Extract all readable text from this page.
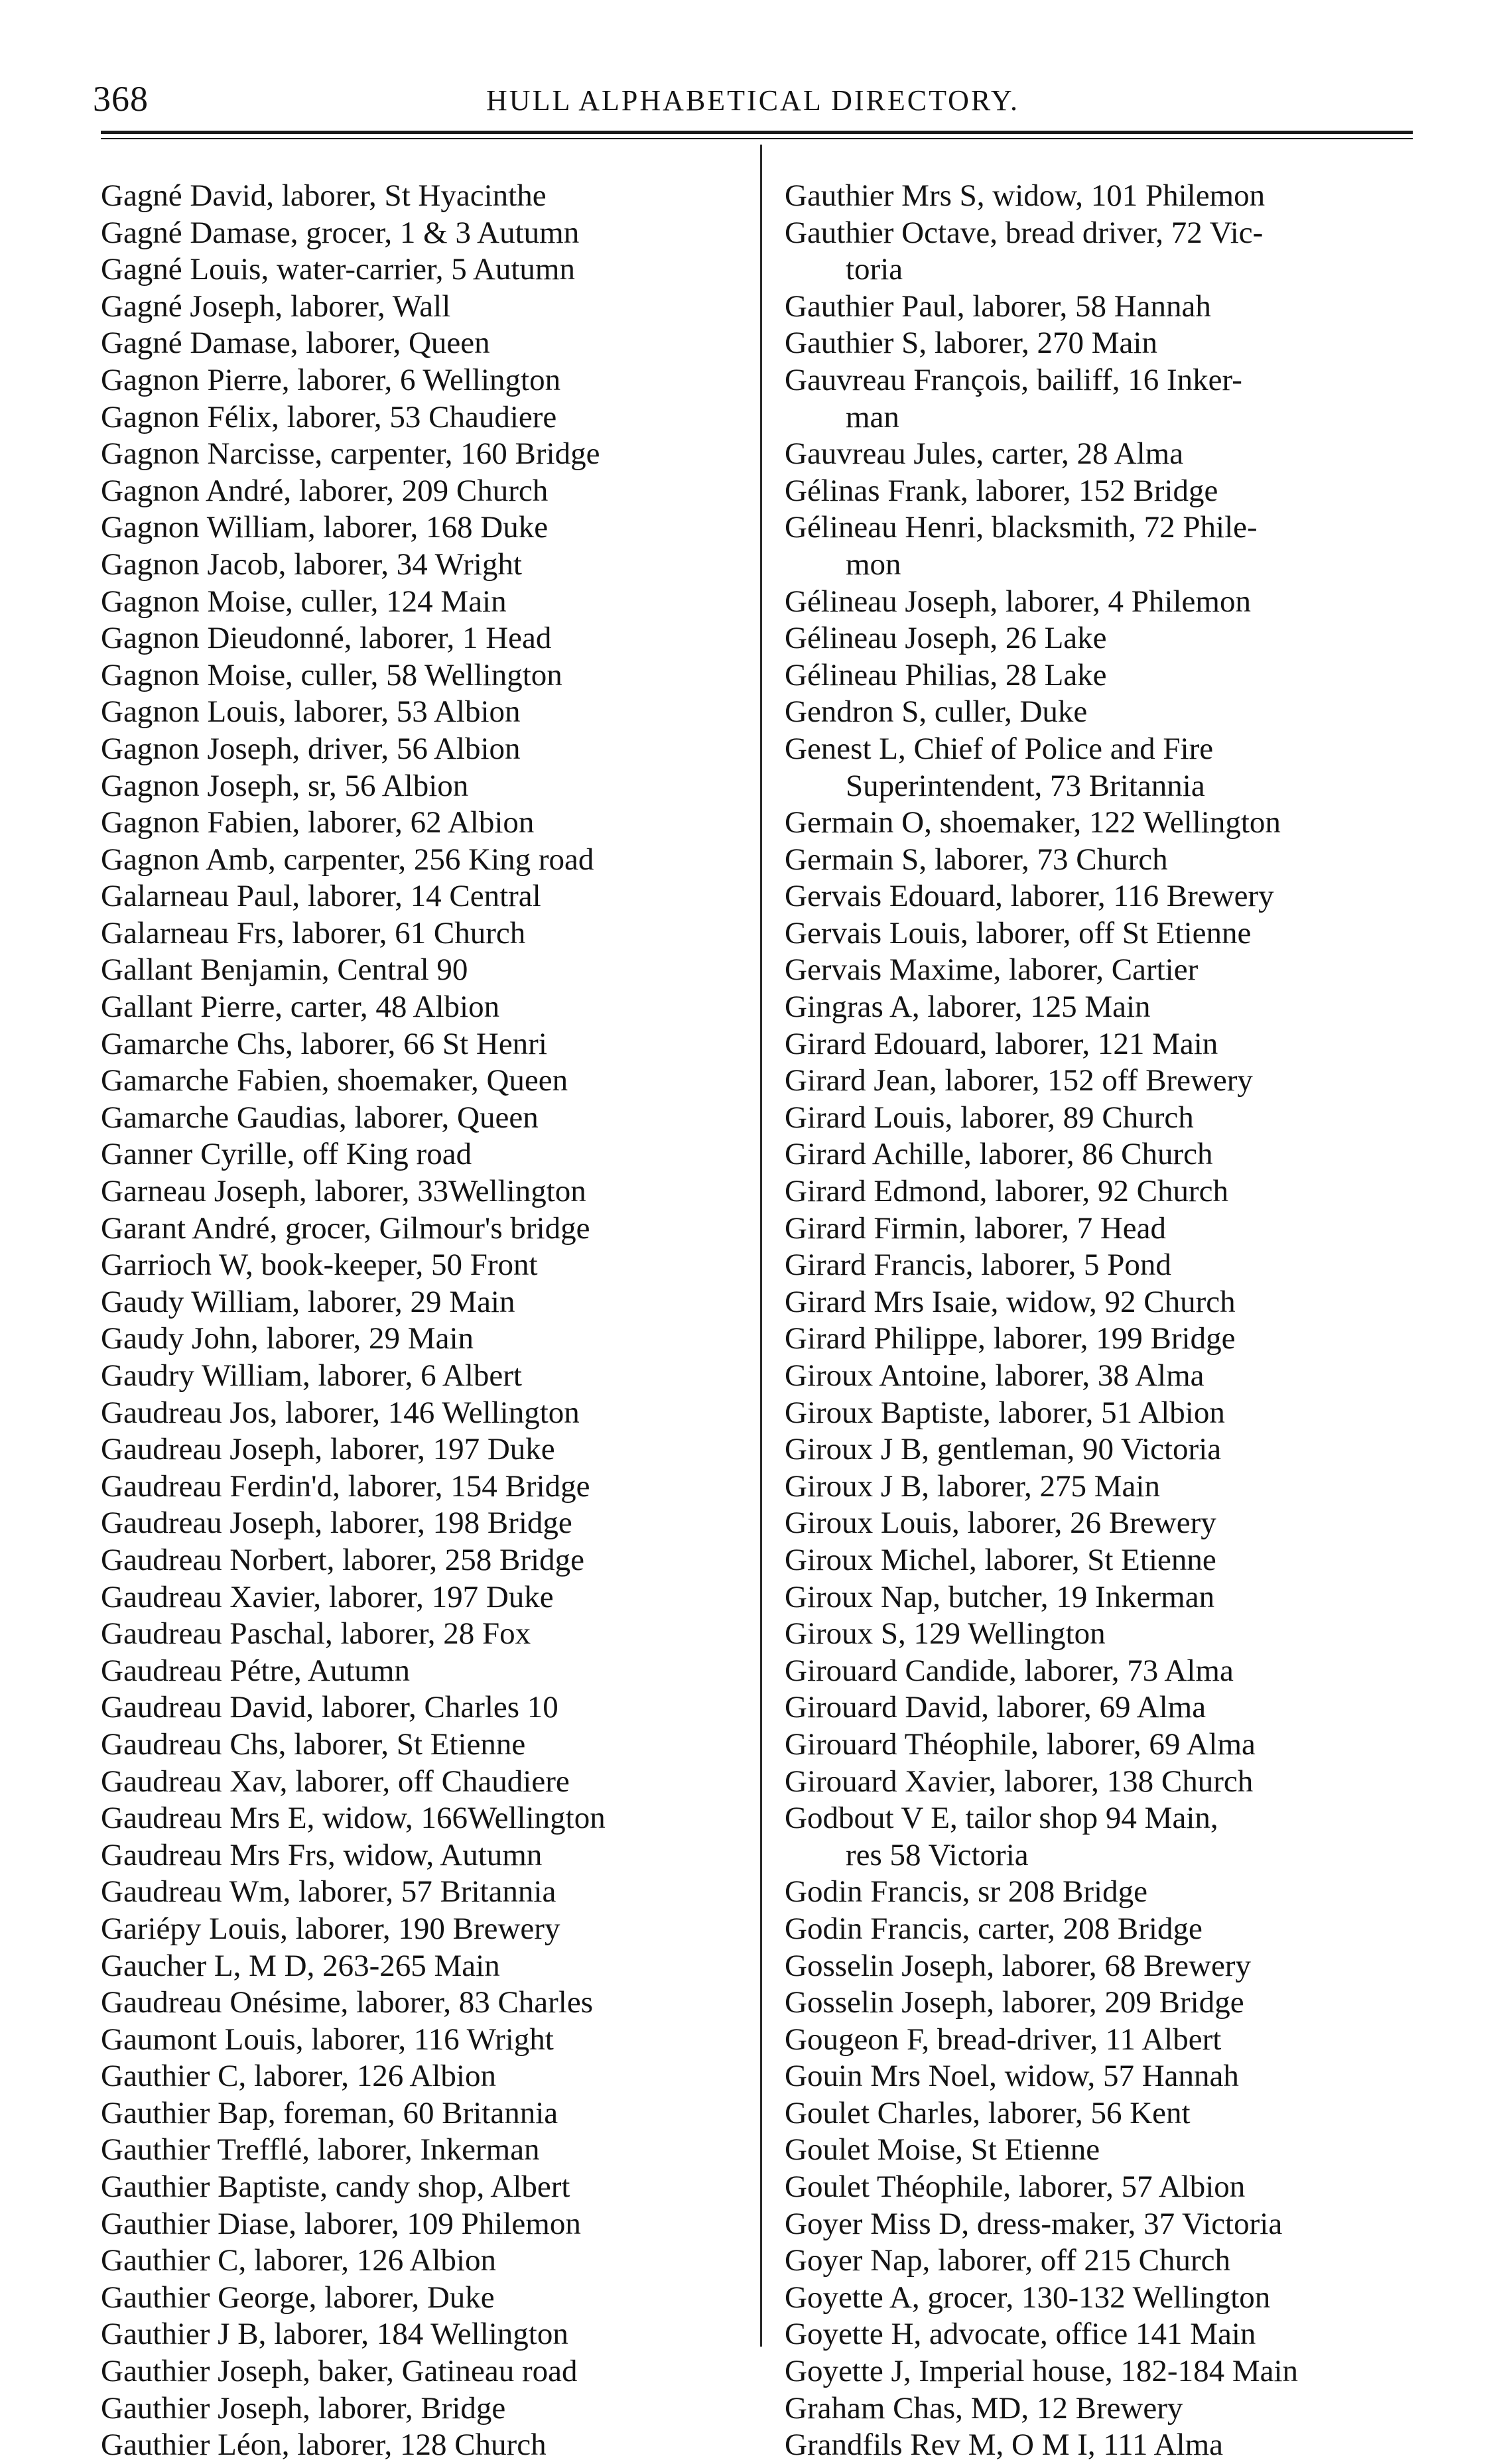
368	HULL ALPHABETICAL DIRECTORY.

Gagné David, laborer, St Hyacinthe

Gagné Damase, grocer, 1 & 3 Autumn

Gagné Louis, water-carrier, 5 Autumn

Gagné Joseph, laborer, Wall

Gagné Damase, laborer, Queen

Gagnon Pierre, laborer, 6 Wellington

Gagnon Félix, laborer, 53 Chaudiere

Gagnon Narcisse, carpenter, 160 Bridge

Gagnon André, laborer, 209 Church

Gagnon William, laborer, 168 Duke

Gagnon Jacob, laborer, 34 Wright

Gagnon Moise, culler, 124 Main

Gagnon Dieudonné, laborer, 1 Head

Gagnon Moise, culler, 58 Wellington

Gagnon Louis, laborer, 53 Albion

Gagnon Joseph, driver, 56 Albion

Gagnon Joseph, sr, 56 Albion

Gagnon Fabien, laborer, 62 Albion

Gagnon Amb, carpenter, 256 King road

Galarneau Paul, laborer, 14 Central

Galarneau Frs, laborer, 61 Church

Gallant Benjamin, Central 90

Gallant Pierre, carter, 48 Albion

Gamarche Chs, laborer, 66 St Henri

Gamarche Fabien, shoemaker, Queen

Gamarche Gaudias, laborer, Queen

Ganner Cyrille, off King road

Garneau Joseph, laborer, 33Wellington

Garant André, grocer, Gilmour's bridge

Garrioch W, book-keeper, 50 Front

Gaudy William, laborer, 29 Main

Gaudy John, laborer, 29 Main

Gaudry William, laborer, 6 Albert

Gaudreau Jos, laborer, 146 Wellington

Gaudreau Joseph, laborer, 197 Duke

Gaudreau Ferdin'd, laborer, 154 Bridge

Gaudreau Joseph, laborer, 198 Bridge

Gaudreau Norbert, laborer, 258 Bridge

Gaudreau Xavier, laborer, 197 Duke

Gaudreau Paschal, laborer, 28 Fox

Gaudreau Pétre, Autumn

Gaudreau David, laborer, Charles 10

Gaudreau Chs, laborer, St Etienne

Gaudreau Xav, laborer, off Chaudiere

Gaudreau Mrs E, widow, 166Wellington

Gaudreau Mrs Frs, widow, Autumn

Gaudreau Wm, laborer, 57 Britannia

Gariépy Louis, laborer, 190 Brewery

Gaucher L, M D, 263-265 Main

Gaudreau Onésime, laborer, 83 Charles

Gaumont Louis, laborer, 116 Wright

Gauthier C, laborer, 126 Albion

Gauthier Bap, foreman, 60 Britannia

Gauthier Trefflé, laborer, Inkerman

Gauthier Baptiste, candy shop, Albert

Gauthier Diase, laborer, 109 Philemon

Gauthier C, laborer, 126 Albion

Gauthier George, laborer, Duke

Gauthier J B, laborer, 184 Wellington

Gauthier Joseph, baker, Gatineau road

Gauthier Joseph, laborer, Bridge

Gauthier Léon, laborer, 128 Church

Gauthier Mrs S, widow, 101 Philemon

Gauthier Octave, bread driver, 72 Vic-

toria

Gauthier Paul, laborer, 58 Hannah

Gauthier S, laborer, 270 Main

Gauvreau François, bailiff, 16 Inker-

man

Gauvreau Jules, carter, 28 Alma

Gélinas Frank, laborer, 152 Bridge

Gélineau Henri, blacksmith, 72 Phile-

mon

Gélineau Joseph, laborer, 4 Philemon

Gélineau Joseph, 26 Lake

Gélineau Philias, 28 Lake

Gendron S, culler, Duke

Genest L, Chief of Police and Fire

Superintendent, 73 Britannia

Germain O, shoemaker, 122 Wellington

Germain S, laborer, 73 Church

Gervais Edouard, laborer, 116 Brewery

Gervais Louis, laborer, off St Etienne

Gervais Maxime, laborer, Cartier

Gingras A, laborer, 125 Main

Girard Edouard, laborer, 121 Main

Girard Jean, laborer, 152 off Brewery

Girard Louis, laborer, 89 Church

Girard Achille, laborer, 86 Church

Girard Edmond, laborer, 92 Church

Girard Firmin, laborer, 7 Head

Girard Francis, laborer, 5 Pond

Girard Mrs Isaie, widow, 92 Church

Girard Philippe, laborer, 199 Bridge

Giroux Antoine, laborer, 38 Alma

Giroux Baptiste, laborer, 51 Albion

Giroux J B, gentleman, 90 Victoria

Giroux J B, laborer, 275 Main

Giroux Louis, laborer, 26 Brewery

Giroux Michel, laborer, St Etienne

Giroux Nap, butcher, 19 Inkerman

Giroux S, 129 Wellington

Girouard Candide, laborer, 73 Alma

Girouard David, laborer, 69 Alma

Girouard Théophile, laborer, 69 Alma

Girouard Xavier, laborer, 138 Church

Godbout V E, tailor shop 94 Main,

res 58 Victoria

Godin Francis, sr 208 Bridge

Godin Francis, carter, 208 Bridge

Gosselin Joseph, laborer, 68 Brewery

Gosselin Joseph, laborer, 209 Bridge

Gougeon F, bread-driver, 11 Albert

Gouin Mrs Noel, widow, 57 Hannah

Goulet Charles, laborer, 56 Kent

Goulet Moise, St Etienne

Goulet Théophile, laborer, 57 Albion

Goyer Miss D, dress-maker, 37 Victoria

Goyer Nap, laborer, off 215 Church

Goyette A, grocer, 130-132 Wellington

Goyette H, advocate, office 141 Main

Goyette J, Imperial house, 182-184 Main

Graham Chas, MD, 12 Brewery

Grandfils Rev M, O M I, 111 Alma
